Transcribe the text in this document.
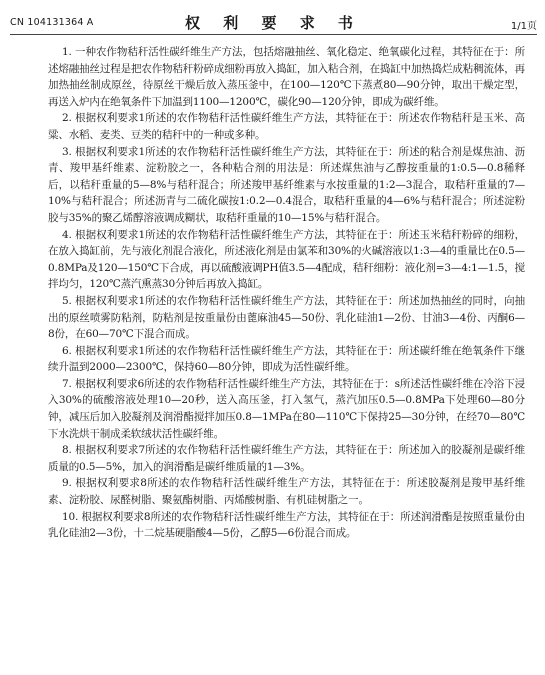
CN 104131364 A	权 利 要 求 书	1/1页

1. 一种农作物秸秆活性碳纤维生产方法，包括熔融抽丝、氧化稳定、绝氧碳化过程，其特征在于：所述熔融抽丝过程是把农作物秸秆粉碎成细粉再放入捣缸，加入粘合剂，在捣缸中加热捣烂成粘稠流体，再加热抽丝制成原丝，待原丝干燥后放入蒸压釜中，在100—120℃下蒸煮80—90分钟，取出干燥定型，再送入炉内在绝氧条件下加温到1100—1200℃，碳化90—120分钟，即成为碳纤维。

2. 根据权利要求1所述的农作物秸秆活性碳纤维生产方法，其特征在于：所述农作物秸秆是玉米、高粱、水稻、麦类、豆类的秸秆中的一种或多种。

3. 根据权利要求1所述的农作物秸秆活性碳纤维生产方法，其特征在于：所述的粘合剂是煤焦油、沥青、羧甲基纤维素、淀粉胶之一，各种粘合剂的用法是：所述煤焦油与乙醇按重量的1:0.5—0.8稀释后，以秸秆重量的5—8%与秸秆混合；所述羧甲基纤维素与水按重量的1:2—3混合，取秸秆重量的7—10%与秸秆混合；所述沥青与二硫化碳按1:0.2—0.4混合，取秸秆重量的4—6%与秸秆混合；所述淀粉胶与35%的聚乙烯醇溶液调成糊状，取秸秆重量的10—15%与秸秆混合。

4. 根据权利要求1所述的农作物秸秆活性碳纤维生产方法，其特征在于：所述玉米秸秆粉碎的细粉，在放入捣缸前，先与液化剂混合液化，所述液化剂是由氯苯和30%的火碱溶液以1:3—4的重量比在0.5—0.8MPa及120—150℃下合成，再以硫酸液调PH值3.5—4配成，秸秆细粉：液化剂=3—4:1—1.5，搅拌均匀，120℃蒸汽熏蒸30分钟后再放入捣缸。

5. 根据权利要求1所述的农作物秸秆活性碳纤维生产方法，其特征在于：所述加热抽丝的同时，向抽出的原丝喷雾防粘剂，防粘剂是按重量份由蓖麻油45—50份、乳化硅油1—2份、甘油3—4份、丙酮6—8份，在60—70℃下混合而成。

6. 根据权利要求1所述的农作物秸秆活性碳纤维生产方法，其特征在于：所述碳纤维在绝氧条件下继续升温到2000—2300℃，保持60—80分钟，即成为活性碳纤维。

7. 根据权利要求6所述的农作物秸秆活性碳纤维生产方法，其特征在于：s所述活性碳纤维在冷浴下浸入30%的硫酸溶液处理10—20秒，送入高压釜，打入氢气，蒸汽加压0.5—0.8MPa下处理60—80分钟，减压后加入胶凝剂及润滑酯搅拌加压0.8—1MPa在80—110℃下保持25—30分钟，在经70—80℃下水洗烘干制成柔软绒状活性碳纤维。

8. 根据权利要求7所述的农作物秸秆活性碳纤维生产方法，其特征在于：所述加入的胶凝剂是碳纤维质量的0.5—5%，加入的润滑酯是碳纤维质量的1—3%。

9. 根据权利要求8所述的农作物秸秆活性碳纤维生产方法，其特征在于：所述胶凝剂是羧甲基纤维素、淀粉胶、尿醛树脂、聚氨酯树脂、丙烯酸树脂、有机硅树脂之一。

10. 根据权利要求8所述的农作物秸秆活性碳纤维生产方法，其特征在于：所述润滑酯是按照重量份由乳化硅油2—3份，十二烷基硬脂酸4—5份，乙醇5—6份混合而成。
